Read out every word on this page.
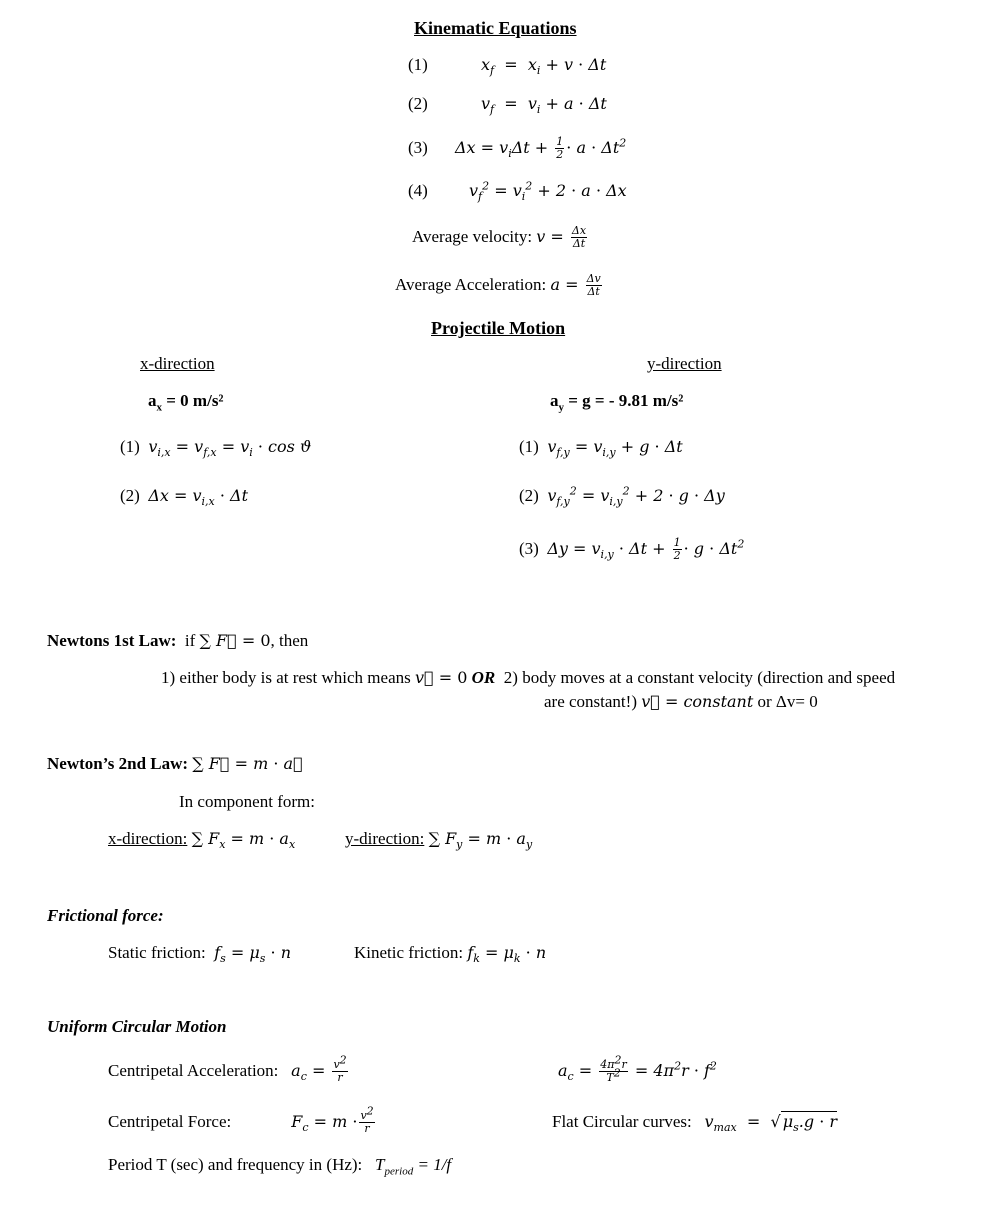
Kinematic Equations
(1)	$x_f = x_i + v \cdot \Delta t$
(2)	$v_f = v_i + a \cdot \Delta t$
(3) $\Delta x = v_i\Delta t + \frac{1}{2} \cdot a \cdot \Delta t^2$
(4)	$v_f^2 = v_i^2 + 2 \cdot a \cdot \Delta x$
Average velocity: $v = \frac{\Delta x}{\Delta t}$
Average Acceleration: $a = \frac{\Delta v}{\Delta t}$
Projectile Motion
x-direction	y-direction
$a_x = 0$ m/s²	$a_y = g$ = - 9.81 m/s²
(1) $v_{i,x} = v_{f,x} = v_i \cdot \cos ϑ$
(2) $\Delta x = v_{i,x} \cdot \Delta t$
(1) $v_{f,y} = v_{i,y} + g \cdot \Delta t$
(2) $v_{f,y}^2 = v_{i,y}^2 + 2 \cdot g \cdot \Delta y$
(3) $\Delta y = v_{i,y} \cdot \Delta t + \frac{1}{2} \cdot g \cdot \Delta t^2$
Newtons 1st Law: if ∑ F⃗ = 0, then
1) either body is at rest which means v⃗ = 0 OR 2) body moves at a constant velocity (direction and speed
are constant!) v⃗ = constant or Δv= 0
Newton’s 2nd Law: ∑ F⃗ = m · a⃗
In component form:
x-direction: ∑ $F_x = m \cdot a_x$	y-direction: ∑ $F_y = m \cdot a_y$
Frictional force:
Static friction: $f_s = \mu_s \cdot n$	Kinetic friction: $f_k = \mu_k \cdot n$
Uniform Circular Motion
Centripetal Acceleration: $a_c = \frac{v^2}{r}$	$a_c = \frac{4\pi^2r}{T^2} = 4\pi^2r \cdot f^2$
Centripetal Force:	$F_c = m \cdot \frac{v^2}{r}$	Flat Circular curves: $v_{max}$  =  √ $\mu_s.g \cdot r$
Period T (sec) and frequency in (Hz): $T_{period} = 1/f$
